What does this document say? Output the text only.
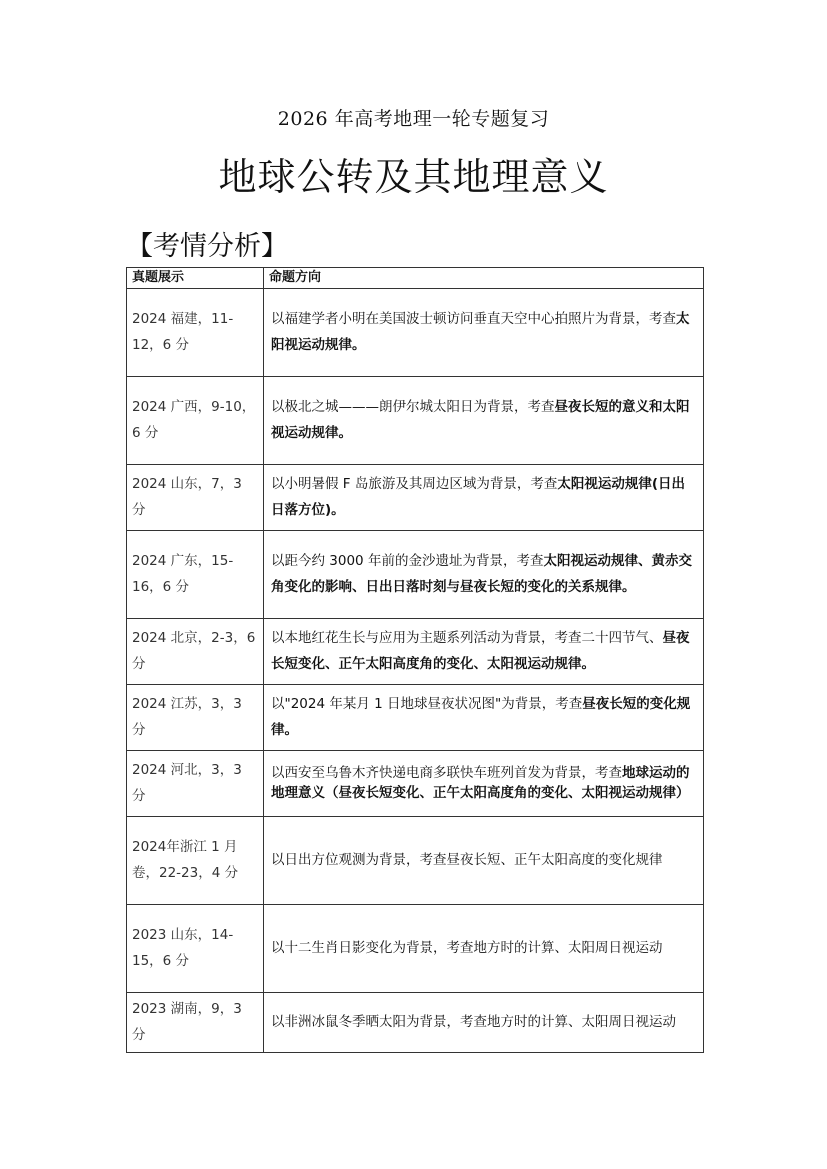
2026 年高考地理一轮专题复习
地球公转及其地理意义
【考情分析】
真题展示	命题方向
2024 福建，11-12，6 分	以福建学者小明在美国波士顿访问垂直天空中心拍照片为背景，考查太阳视运动规律。
2024 广西，9-10，6 分	以极北之城———朗伊尔城太阳日为背景，考查昼夜长短的意义和太阳视运动规律。
2024 山东，7，3 分	以小明暑假 F 岛旅游及其周边区域为背景，考查太阳视运动规律(日出日落方位)。
2024 广东，15-16，6 分	以距今约 3000 年前的金沙遗址为背景，考查太阳视运动规律、黄赤交角变化的影响、日出日落时刻与昼夜长短的变化的关系规律。
2024 北京，2-3，6 分	以本地红花生长与应用为主题系列活动为背景，考查二十四节气、昼夜长短变化、正午太阳高度角的变化、太阳视运动规律。
2024 江苏，3，3 分	以"2024 年某月 1 日地球昼夜状况图"为背景，考查昼夜长短的变化规律。
2024 河北，3，3 分	以西安至乌鲁木齐快递电商多联快车班列首发为背景，考查地球运动的地理意义（昼夜长短变化、正午太阳高度角的变化、太阳视运动规律）
2024年浙江 1 月卷，22-23，4 分	以日出方位观测为背景，考查昼夜长短、正午太阳高度的变化规律
2023 山东，14-15，6 分	以十二生肖日影变化为背景，考查地方时的计算、太阳周日视运动
2023 湖南，9，3 分	以非洲冰鼠冬季晒太阳为背景，考查地方时的计算、太阳周日视运动
